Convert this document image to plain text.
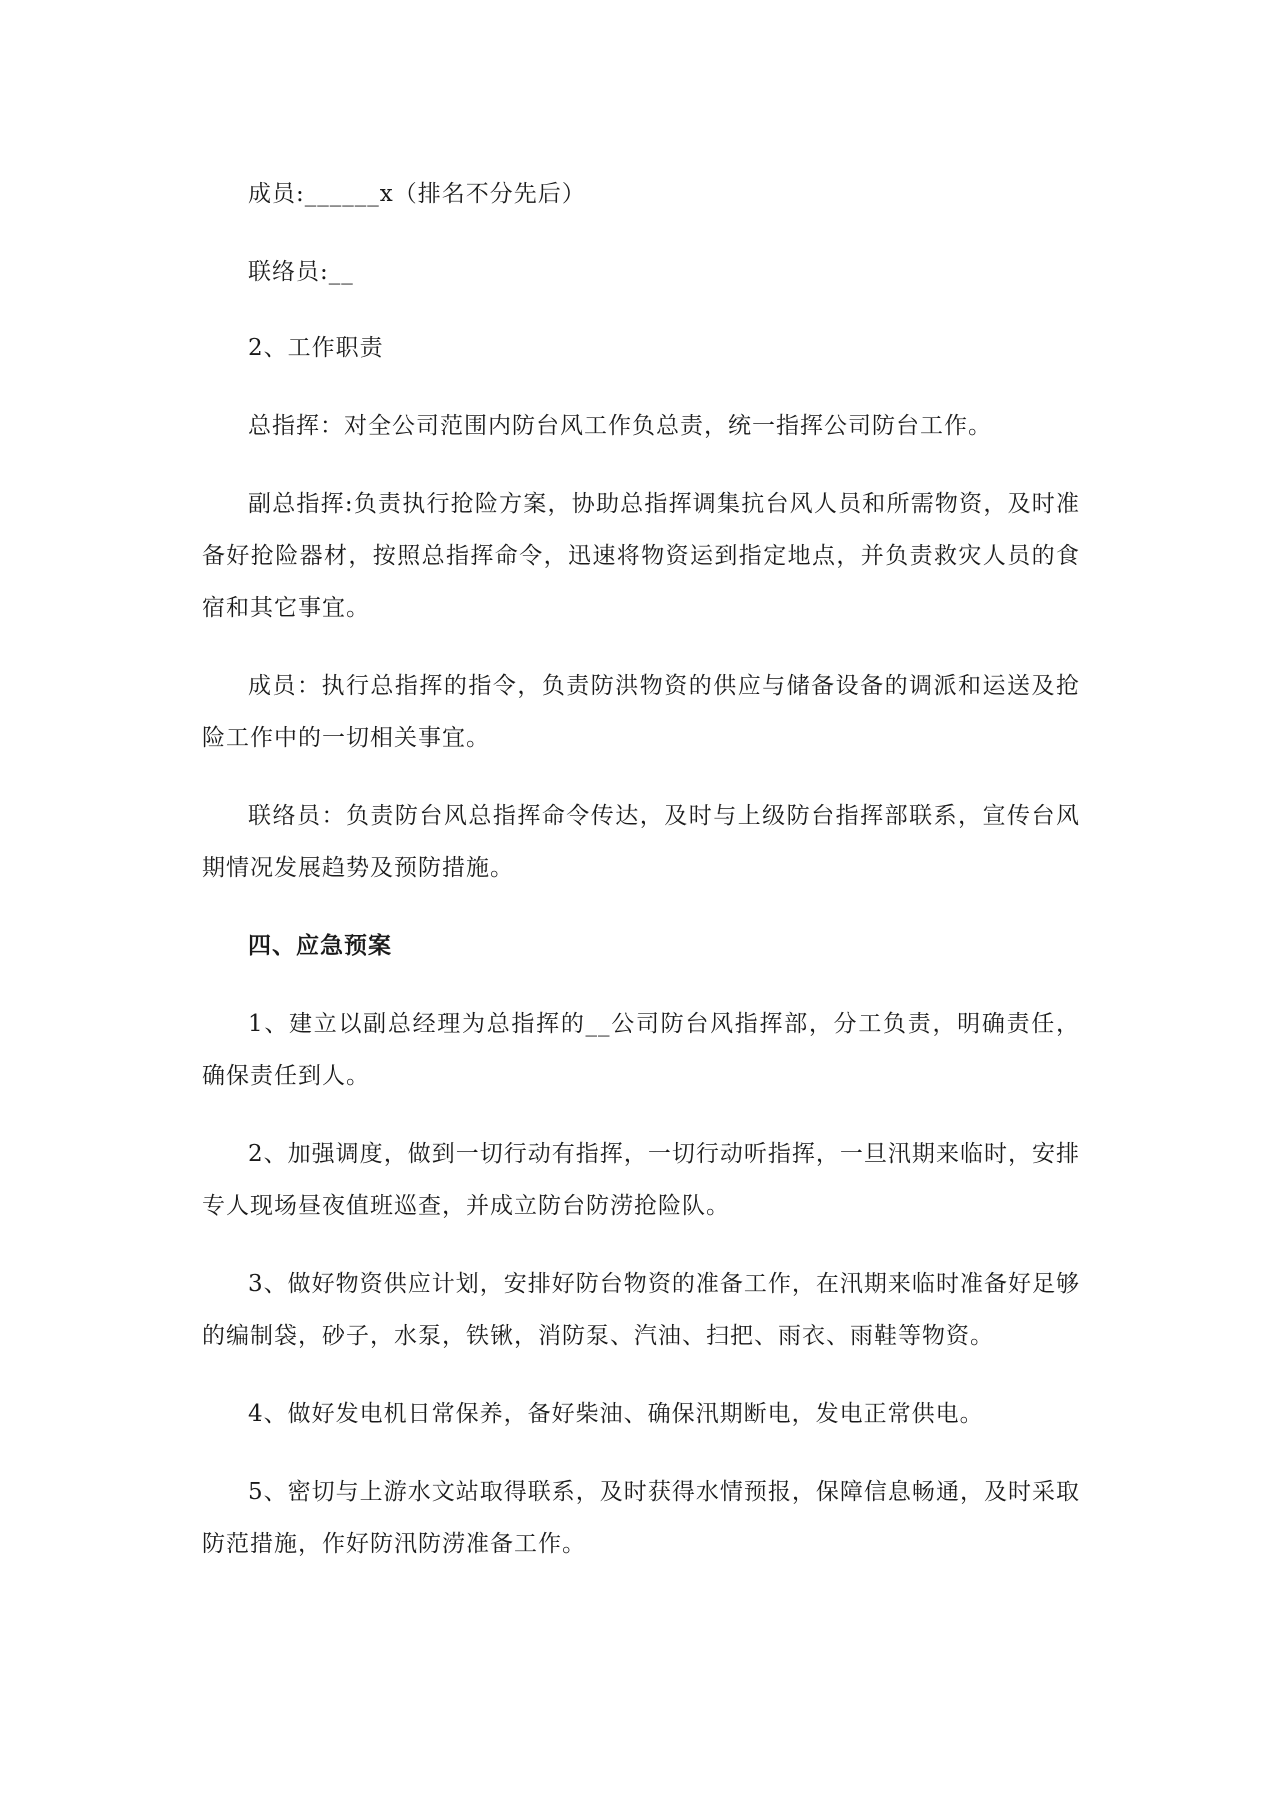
成员:______x（排名不分先后）

联络员:__

2、工作职责

总指挥：对全公司范围内防台风工作负总责，统一指挥公司防台工作。

副总指挥:负责执行抢险方案，协助总指挥调集抗台风人员和所需物资，及时准备好抢险器材，按照总指挥命令，迅速将物资运到指定地点，并负责救灾人员的食宿和其它事宜。

成员：执行总指挥的指令，负责防洪物资的供应与储备设备的调派和运送及抢险工作中的一切相关事宜。

联络员：负责防台风总指挥命令传达，及时与上级防台指挥部联系，宣传台风期情况发展趋势及预防措施。

四、应急预案

1、建立以副总经理为总指挥的__公司防台风指挥部，分工负责，明确责任，确保责任到人。

2、加强调度，做到一切行动有指挥，一切行动听指挥，一旦汛期来临时，安排专人现场昼夜值班巡查，并成立防台防涝抢险队。

3、做好物资供应计划，安排好防台物资的准备工作，在汛期来临时准备好足够的编制袋，砂子，水泵，铁锹，消防泵、汽油、扫把、雨衣、雨鞋等物资。

4、做好发电机日常保养，备好柴油、确保汛期断电，发电正常供电。

5、密切与上游水文站取得联系，及时获得水情预报，保障信息畅通，及时采取防范措施，作好防汛防涝准备工作。
